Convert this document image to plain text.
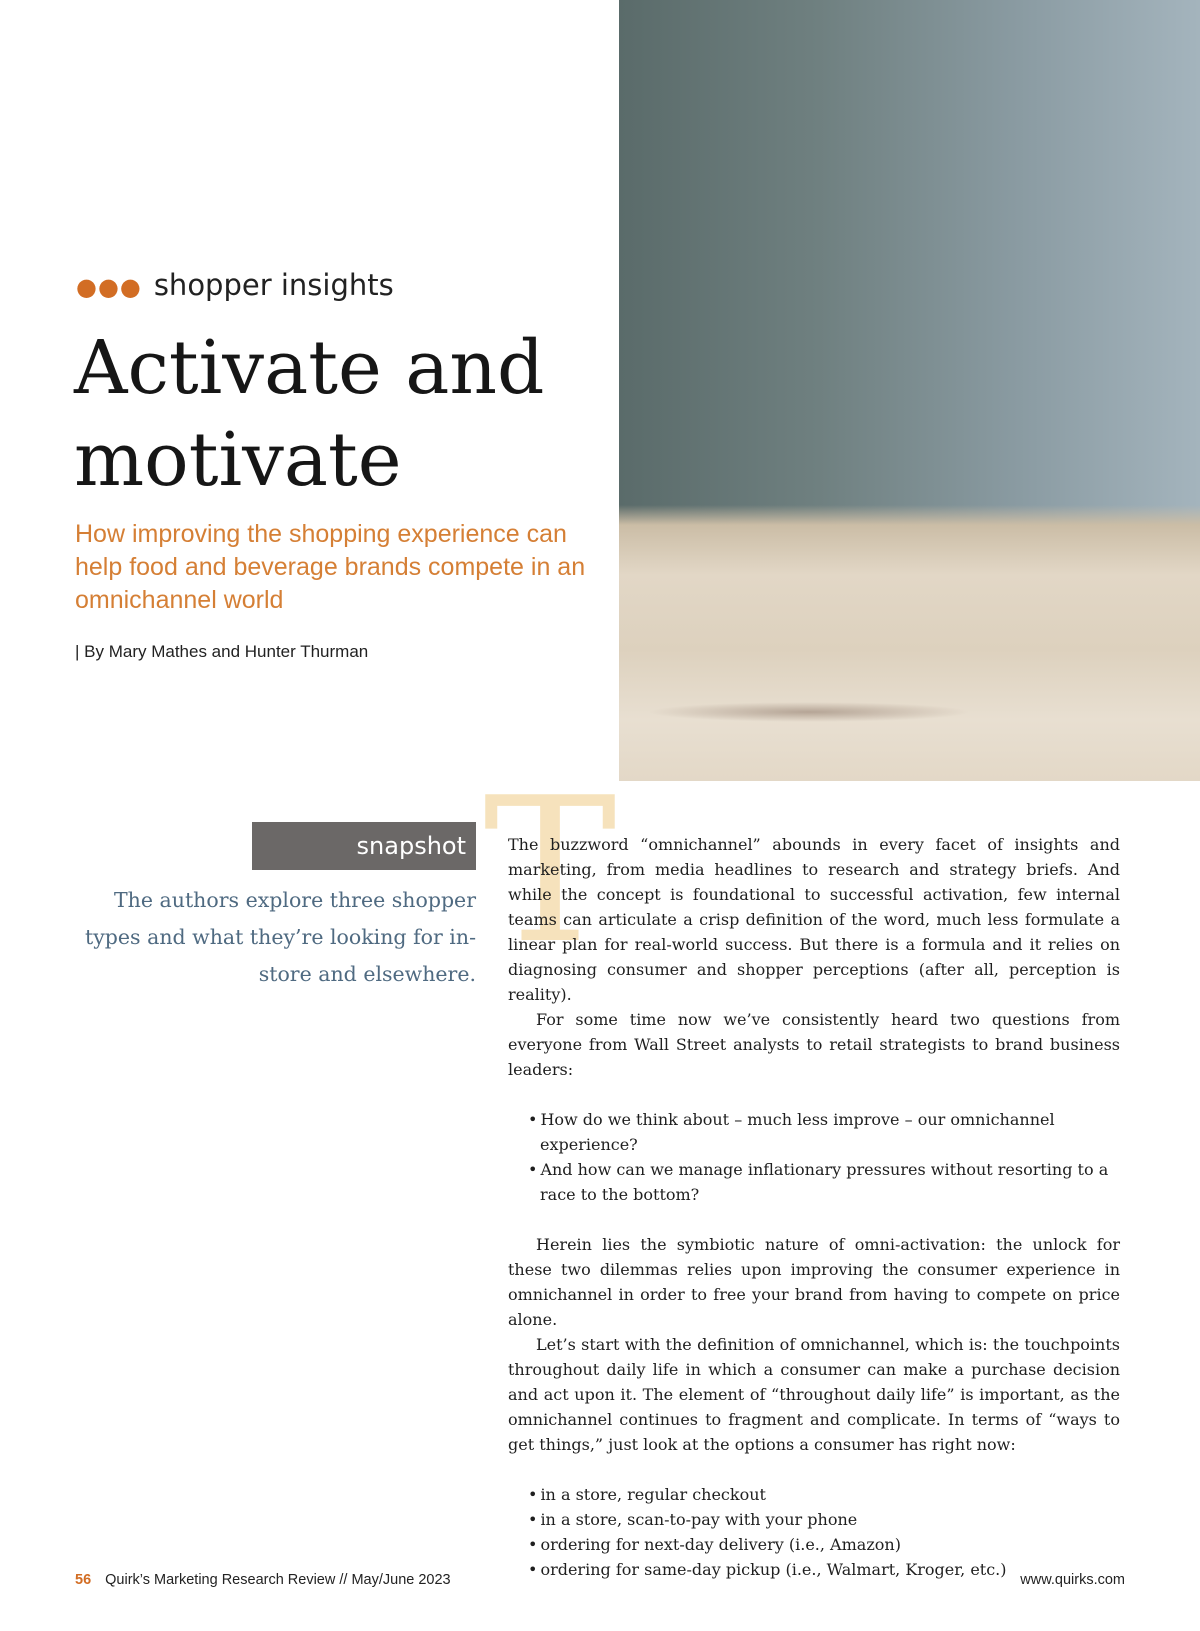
●●● shopper insights

Activate and motivate

How improving the shopping experience can help food and beverage brands compete in an omnichannel world

| By Mary Mathes and Hunter Thurman

snapshot

The authors explore three shopper types and what they’re looking for in-store and elsewhere. T

The buzzword “omnichannel” abounds in every facet of insights and marketing, from media headlines to research and strategy briefs. And while the concept is foundational to successful activation, few internal teams can articulate a crisp definition of the word, much less formulate a linear plan for real-world success. But there is a formula and it relies on diagnosing consumer and shopper perceptions (after all, perception is reality).

For some time now we’ve consistently heard two questions from everyone from Wall Street analysts to retail strategists to brand business leaders:

• How do we think about – much less improve – our omnichannel experience?
• And how can we manage inflationary pressures without resorting to a race to the bottom?

Herein lies the symbiotic nature of omni-activation: the unlock for these two dilemmas relies upon improving the consumer experience in omnichannel in order to free your brand from having to compete on price alone.

Let’s start with the definition of omnichannel, which is: the touchpoints throughout daily life in which a consumer can make a purchase decision and act upon it. The element of “throughout daily life” is important, as the omnichannel continues to fragment and complicate. In terms of “ways to get things,” just look at the options a consumer has right now:

• in a store, regular checkout
• in a store, scan-to-pay with your phone
• ordering for next-day delivery (i.e., Amazon)
• ordering for same-day pickup (i.e., Walmart, Kroger, etc.)
56 Quirk’s Marketing Research Review // May/June 2023	www.quirks.com
